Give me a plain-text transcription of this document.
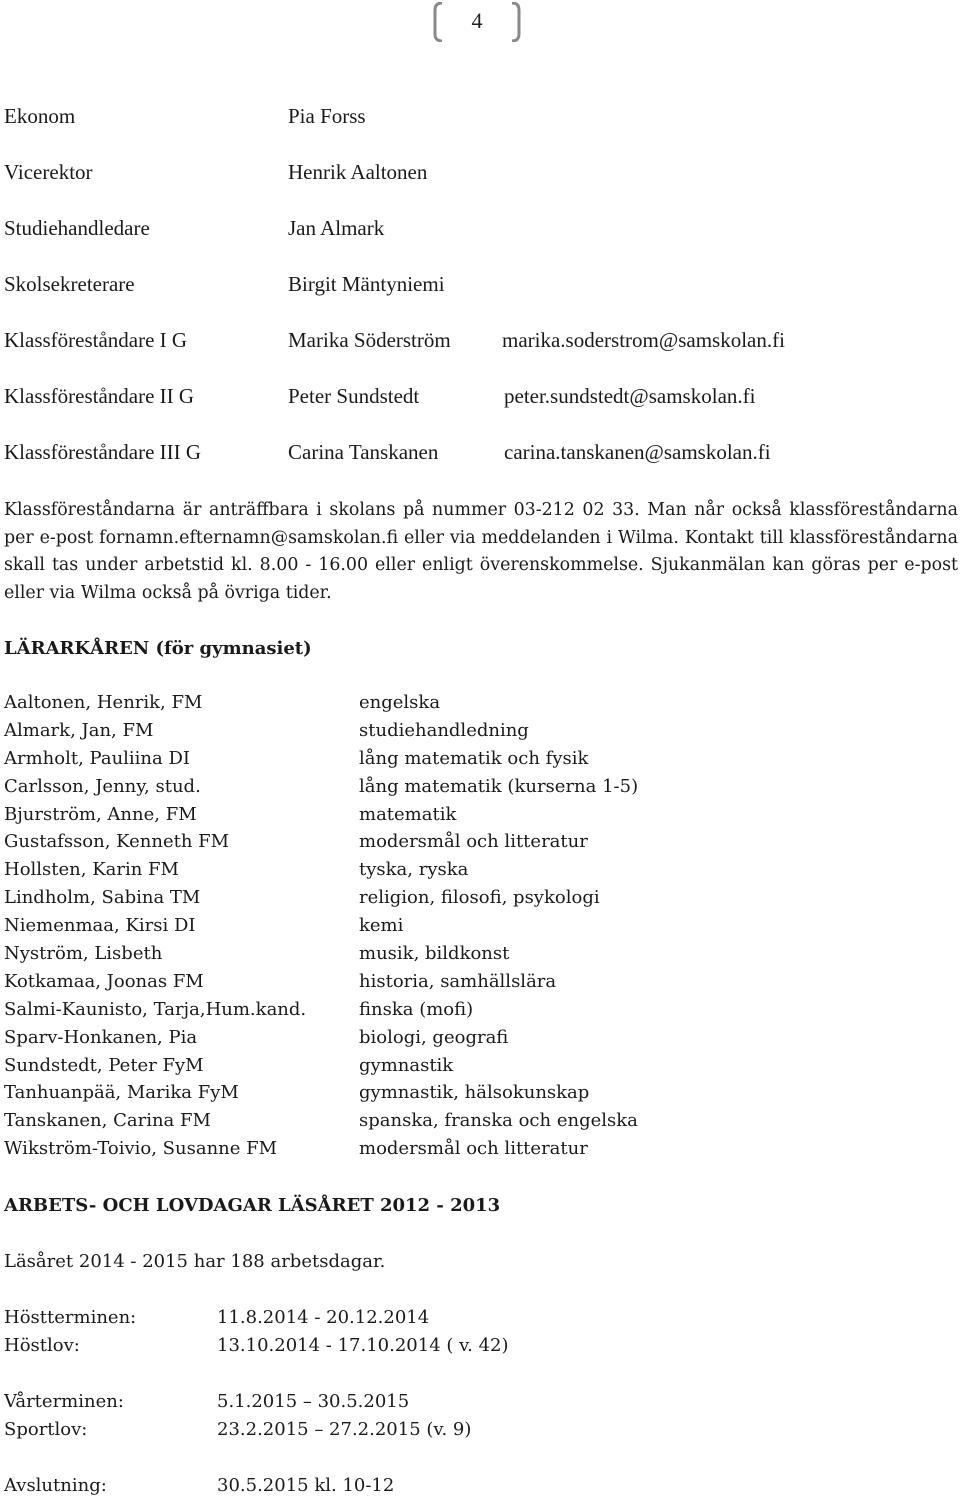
4
Ekonom	Pia Forss
Vicerektor	Henrik Aaltonen
Studiehandledare	Jan Almark
Skolsekreterare	Birgit Mäntyniemi
Klassföreståndare I G	Marika Söderström marika.soderstrom@samskolan.fi
Klassföreståndare II G	Peter Sundstedt	peter.sundstedt@samskolan.fi
Klassföreståndare III G	Carina Tanskanen	carina.tanskanen@samskolan.fi

Klassföreståndarna är anträffbara i skolans på nummer 03-212 02 33. Man når också klassföreståndarna per e-post fornamn.efternamn@samskolan.fi eller via meddelanden i Wilma. Kontakt till klassföreståndarna skall tas under arbetstid kl. 8.00 - 16.00 eller enligt överenskommelse. Sjukanmälan kan göras per e-post eller via Wilma också på övriga tider.

LÄRARKÅREN (för gymnasiet)
Aaltonen, Henrik, FM	engelska
Almark, Jan, FM	studiehandledning
Armholt, Pauliina DI	lång matematik och fysik
Carlsson, Jenny, stud.	lång matematik (kurserna 1-5)
Bjurström, Anne, FM	matematik
Gustafsson, Kenneth FM	modersmål och litteratur
Hollsten, Karin FM	tyska, ryska
Lindholm, Sabina TM	religion, filosofi, psykologi
Niemenmaa, Kirsi DI	kemi
Nyström, Lisbeth	musik, bildkonst
Kotkamaa, Joonas FM	historia, samhällslära
Salmi-Kaunisto, Tarja,Hum.kand.	finska (mofi)
Sparv-Honkanen, Pia	biologi, geografi
Sundstedt, Peter FyM	gymnastik
Tanhuanpää, Marika FyM	gymnastik, hälsokunskap
Tanskanen, Carina FM	spanska, franska och engelska
Wikström-Toivio, Susanne FM	modersmål och litteratur
ARBETS- OCH LOVDAGAR LÄSÅRET 2012 - 2013
Läsåret 2014 - 2015 har 188 arbetsdagar.
Höstterminen:	11.8.2014 - 20.12.2014
Höstlov:	13.10.2014 - 17.10.2014 ( v. 42)
Vårterminen:	5.1.2015 – 30.5.2015
Sportlov:	23.2.2015 – 27.2.2015 (v. 9)
Avslutning:	30.5.2015 kl. 10-12
